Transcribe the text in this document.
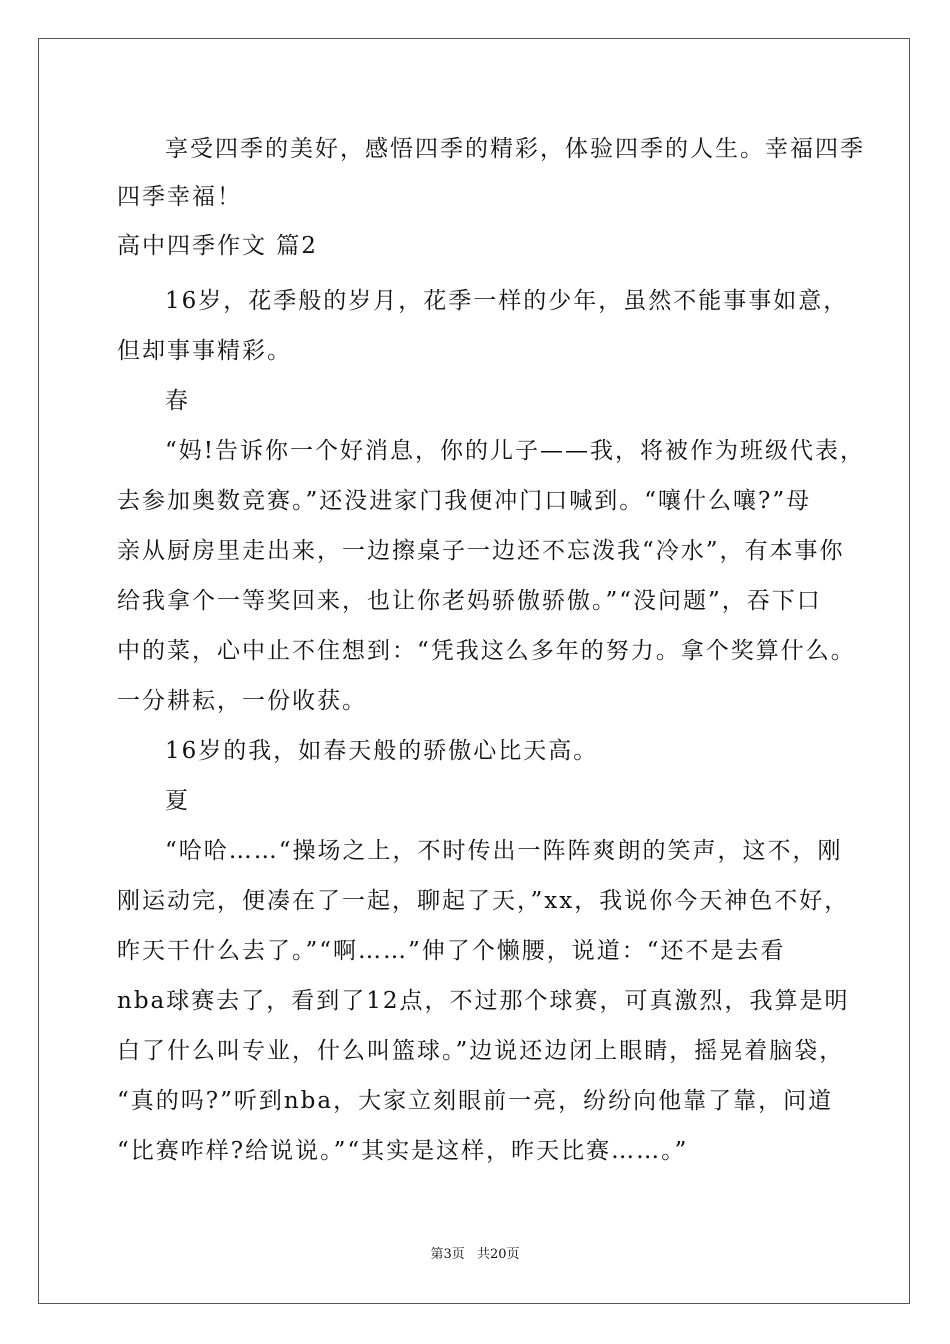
享受四季的美好，感悟四季的精彩，体验四季的人生。幸福四季
四季幸福！
高中四季作文 篇2
16岁，花季般的岁月，花季一样的少年，虽然不能事事如意，
但却事事精彩。
春
“妈!告诉你一个好消息，你的儿子——我，将被作为班级代表，
去参加奥数竞赛。”还没进家门我便冲门口喊到。“嚷什么嚷?”母
亲从厨房里走出来，一边擦桌子一边还不忘泼我“冷水”，有本事你
给我拿个一等奖回来，也让你老妈骄傲骄傲。”“没问题”，吞下口
中的菜，心中止不住想到：“凭我这么多年的努力。拿个奖算什么。
一分耕耘，一份收获。
16岁的我，如春天般的骄傲心比天高。
夏
“哈哈……“操场之上，不时传出一阵阵爽朗的笑声，这不，刚
刚运动完，便凑在了一起，聊起了天，”xx，我说你今天神色不好，
昨天干什么去了。”“啊……”伸了个懒腰，说道：“还不是去看
nba球赛去了，看到了12点，不过那个球赛，可真激烈，我算是明
白了什么叫专业，什么叫篮球。”边说还边闭上眼睛，摇晃着脑袋，
“真的吗?”听到nba，大家立刻眼前一亮，纷纷向他靠了靠，问道
“比赛咋样?给说说。”“其实是这样，昨天比赛……。”
第3页 共20页
